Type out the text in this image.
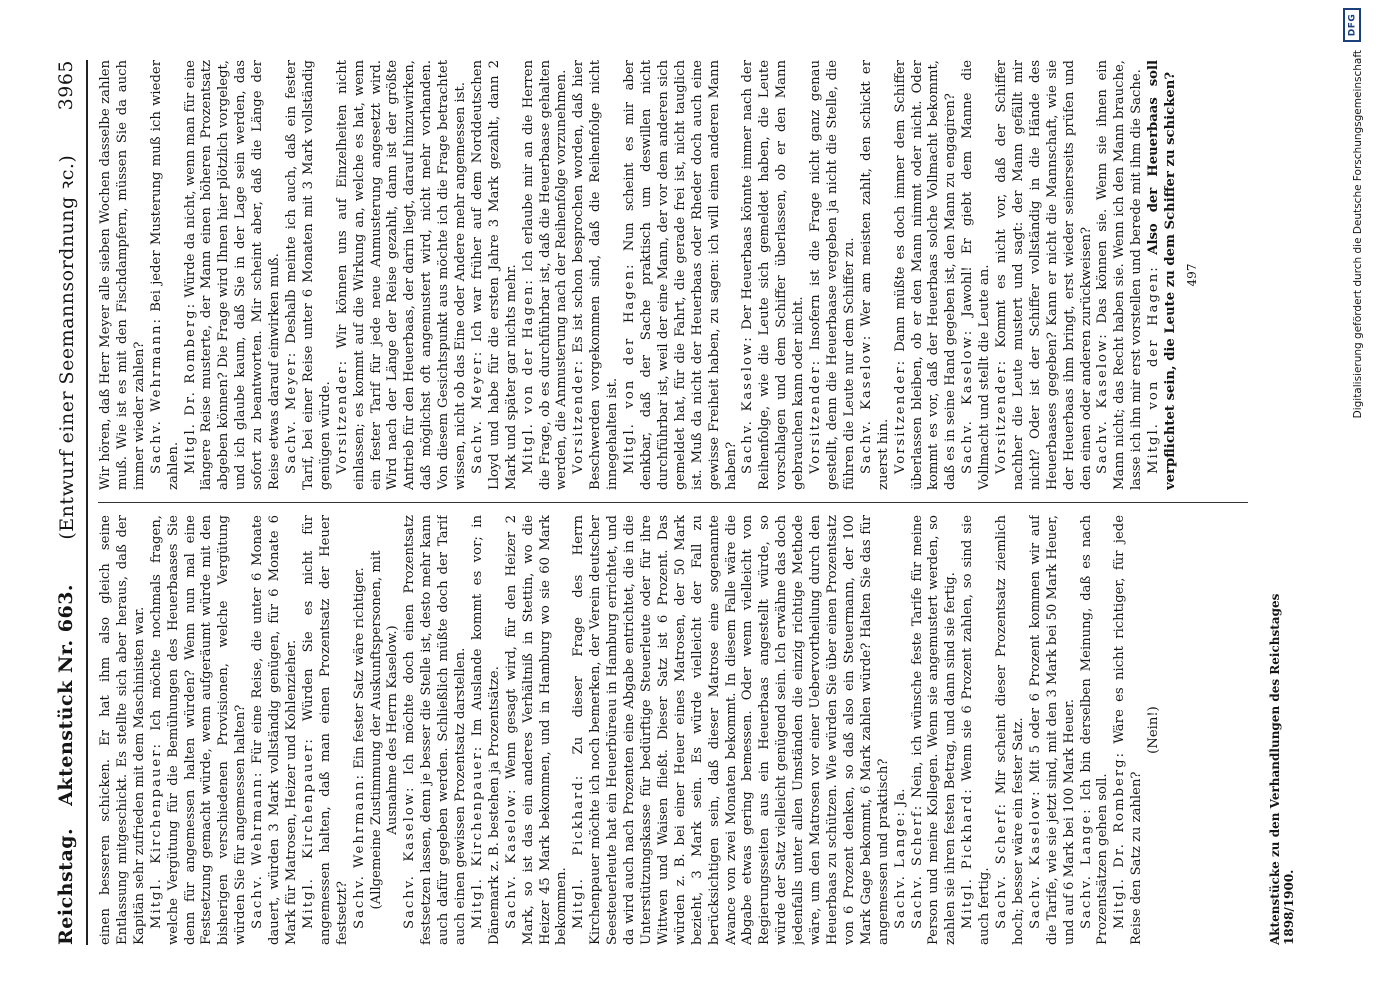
Reichstag.Aktenstück Nr. 663.
(Entwurf einer Seemannsordnung ꝛc.)
3965

einen besseren schicken. Er hat ihm also gleich seine Entlassung mitgeschickt. Es stellte sich aber heraus, daß der Kapitän sehr zufrieden mit dem Maschinisten war. Mitgl. Kirchenpauer: Ich möchte nochmals fragen, welche Vergütung für die Bemühungen des Heuerbaases Sie denn für angemessen halten würden? Wenn nun mal eine Festsetzung gemacht würde, wenn aufgeräumt würde mit den bisherigen verschiedenen Provisionen, welche Vergütung würden Sie für angemessen halten? Sachv. Wehrmann: Für eine Reise, die unter 6 Monate dauert, würden 3 Mark vollständig genügen, für 6 Monate 6 Mark für Matrosen, Heizer und Kohlenzieher. Mitgl. Kirchenpauer: Würden Sie es nicht für angemessen halten, daß man einen Prozentsatz der Heuer festsetzt? Sachv. Wehrmann: Ein fester Satz wäre richtiger. (Allgemeine Zustimmung der Auskunftspersonen, mit Ausnahme des Herrn Kaselow.)

Sachv. Kaselow: Ich möchte doch einen Prozentsatz festsetzen lassen, denn je besser die Stelle ist, desto mehr kann auch dafür gegeben werden. Schließlich müßte doch der Tarif auch einen gewissen Prozentsatz darstellen. Mitgl. Kirchenpauer: Im Auslande kommt es vor; in Dänemark z. B. bestehen ja Prozentsätze. Sachv. Kaselow: Wenn gesagt wird, für den Heizer 2 Mark, so ist das ein anderes Verhältniß in Stettin, wo die Heizer 45 Mark bekommen, und in Hamburg wo sie 60 Mark bekommen. Mitgl. Pickhard: Zu dieser Frage des Herrn Kirchenpauer möchte ich noch bemerken, der Verein deutscher Seesteuerleute hat ein Heuerbüreau in Hamburg errichtet, und da wird auch nach Prozenten eine Abgabe entrichtet, die in die Unterstützungskasse für bedürftige Steuerleute oder für ihre Wittwen und Waisen fließt. Dieser Satz ist 6 Prozent. Das würden z. B. bei einer Heuer eines Matrosen, der 50 Mark bezieht, 3 Mark sein. Es würde vielleicht der Fall zu berücksichtigen sein, daß dieser Matrose eine sogenannte Avance von zwei Monaten bekommt. In diesem Falle wäre die Abgabe etwas gering bemessen. Oder wenn vielleicht von Regierungsseiten aus ein Heuerbaas angestellt würde, so würde der Satz vielleicht genügend sein. Ich erwähne das doch jedenfalls unter allen Umständen die einzig richtige Methode wäre, um den Matrosen vor einer Uebervortheilung durch den Heuerbaas zu schützen. Wie würden Sie über einen Prozentsatz von 6 Prozent denken, so daß also ein Steuermann, der 100 Mark Gage bekommt, 6 Mark zahlen würde? Halten Sie das für angemessen und praktisch? Sachv. Lange: Ja.

Sachv. Scherf: Nein, ich wünsche feste Tarife für meine Person und meine Kollegen. Wenn sie angemustert werden, so zahlen sie ihren festen Betrag, und dann sind sie fertig. Mitgl. Pickhard: Wenn sie 6 Prozent zahlen, so sind sie auch fertig. Sachv. Scherf: Mir scheint dieser Prozentsatz ziemlich hoch; besser wäre ein fester Satz. Sachv. Kaselow: Mit 5 oder 6 Prozent kommen wir auf die Tarife, wie sie jetzt sind, mit den 3 Mark bei 50 Mark Heuer, und auf 6 Mark bei 100 Mark Heuer. Sachv. Lange: Ich bin derselben Meinung, daß es nach Prozentsätzen gehen soll. Mitgl. Dr. Romberg: Wäre es nicht richtiger, für jede Reise den Satz zu zahlen?

(Nein!)

Wir hören, daß Herr Meyer alle sieben Wochen dasselbe zahlen muß. Wie ist es mit den Fischdampfern, müssen Sie da auch immer wieder zahlen? Sachv. Wehrmann: Bei jeder Musterung muß ich wieder zahlen. Mitgl. Dr. Romberg: Würde da nicht, wenn man für eine längere Reise musterte, der Mann einen höheren Prozentsatz abgeben können? Die Frage wird Ihnen hier plötzlich vorgelegt, und ich glaube kaum, daß Sie in der Lage sein werden, das sofort zu beantworten. Mir scheint aber, daß die Länge der Reise etwas darauf einwirken muß. Sachv. Meyer: Deshalb meinte ich auch, daß ein fester Tarif, bei einer Reise unter 6 Monaten mit 3 Mark vollständig genügen würde. Vorsitzender: Wir können uns auf Einzelheiten nicht einlassen; es kommt auf die Wirkung an, welche es hat, wenn ein fester Tarif für jede neue Anmusterung angesetzt wird. Wird nach der Länge der Reise gezahlt, dann ist der größte Antrieb für den Heuerbaas, der darin liegt, darauf hinzuwirken, daß möglichst oft angemustert wird, nicht mehr vorhanden. Von diesem Gesichtspunkt aus möchte ich die Frage betrachtet wissen, nicht ob das Eine oder Andere mehr angemessen ist. Sachv. Meyer: Ich war früher auf dem Norddeutschen Lloyd und habe für die ersten Jahre 3 Mark gezahlt, dann 2 Mark und später gar nichts mehr. Mitgl. von der Hagen: Ich erlaube mir an die Herren die Frage, ob es durchführbar ist, daß die Heuerbaase gehalten werden, die Anmusterung nach der Reihenfolge vorzunehmen. Vorsitzender: Es ist schon besprochen worden, daß hier Beschwerden vorgekommen sind, daß die Reihenfolge nicht innegehalten ist. Mitgl. von der Hagen: Nun scheint es mir aber denkbar, daß der Sache praktisch um deswillen nicht durchführbar ist, weil der eine Mann, der vor dem anderen sich gemeldet hat, für die Fahrt, die gerade frei ist, nicht tauglich ist. Muß da nicht der Heuerbaas oder Rheder doch auch eine gewisse Freiheit haben, zu sagen: ich will einen anderen Mann haben? Sachv. Kaselow: Der Heuerbaas könnte immer nach der Reihenfolge, wie die Leute sich gemeldet haben, die Leute vorschlagen und dem Schiffer überlassen, ob er den Mann gebrauchen kann oder nicht. Vorsitzender: Insofern ist die Frage nicht ganz genau gestellt, denn die Heuerbaase vergeben ja nicht die Stelle, die führen die Leute nur dem Schiffer zu. Sachv. Kaselow: Wer am meisten zahlt, den schickt er zuerst hin. Vorsitzender: Dann müßte es doch immer dem Schiffer überlassen bleiben, ob er den Mann nimmt oder nicht. Oder kommt es vor, daß der Heuerbaas solche Vollmacht bekommt, daß es in seine Hand gegeben ist, den Mann zu engagiren? Sachv. Kaselow: Jawohl! Er giebt dem Manne die Vollmacht und stellt die Leute an. Vorsitzender: Kommt es nicht vor, daß der Schiffer nachher die Leute mustert und sagt: der Mann gefällt mir nicht? Oder ist der Schiffer vollständig in die Hände des Heuerbaases gegeben? Kann er nicht die Mannschaft, wie sie der Heuerbaas ihm bringt, erst wieder seinerseits prüfen und den einen oder anderen zurückweisen? Sachv. Kaselow: Das können sie. Wenn sie ihnen ein Mann nicht; das Recht haben sie. Wenn ich den Mann brauche, lasse ich ihn mir erst vorstellen und berede mit ihm die Sache. Mitgl. von der Hagen: Also der Heuerbaas soll verpflichtet sein, die Leute zu dem Schiffer zu schicken? 497
Aktenstücke zu den Verhandlungen des Reichstages 1898/1900.
DFG
Digitalisierung gefördert durch die Deutsche Forschungsgemeinschaft
